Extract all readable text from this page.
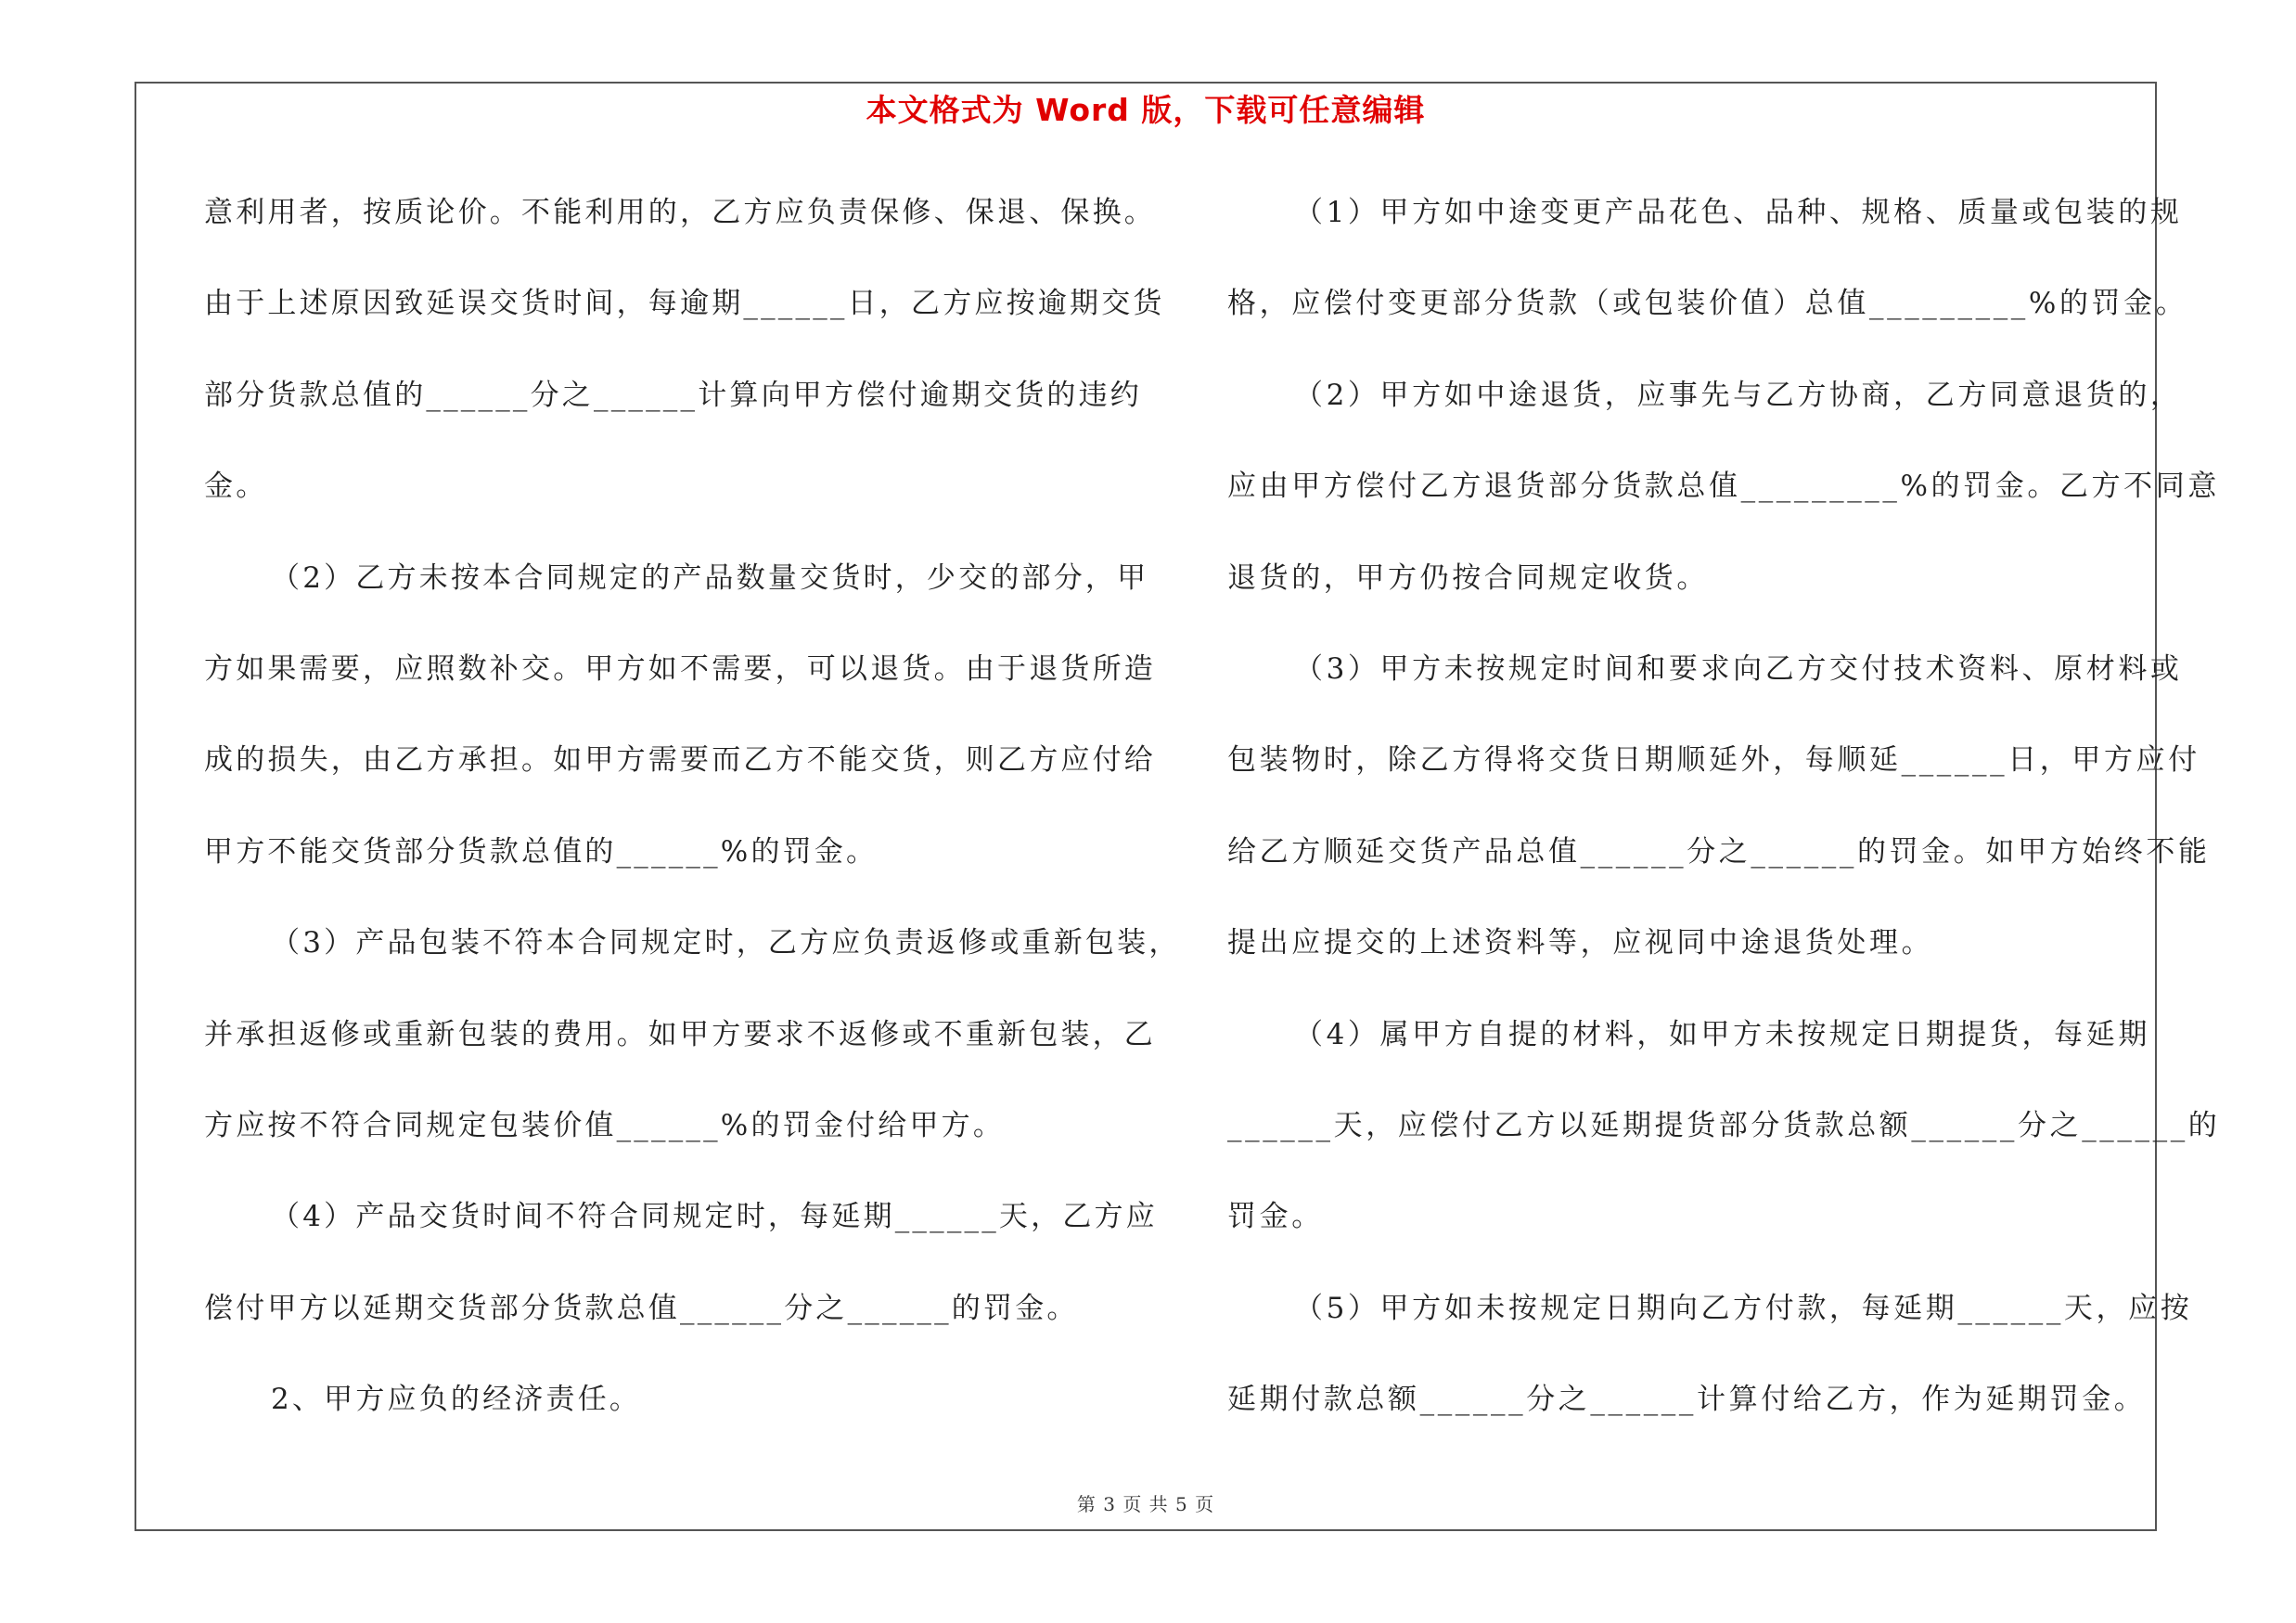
本文格式为 Word 版，下载可任意编辑
意利用者，按质论价。不能利用的，乙方应负责保修、保退、保换。
由于上述原因致延误交货时间，每逾期______日，乙方应按逾期交货
部分货款总值的______分之______计算向甲方偿付逾期交货的违约
金。
（2）乙方未按本合同规定的产品数量交货时，少交的部分，甲
方如果需要，应照数补交。甲方如不需要，可以退货。由于退货所造
成的损失，由乙方承担。如甲方需要而乙方不能交货，则乙方应付给
甲方不能交货部分货款总值的______%的罚金。
（3）产品包装不符本合同规定时，乙方应负责返修或重新包装，
并承担返修或重新包装的费用。如甲方要求不返修或不重新包装，乙
方应按不符合同规定包装价值______%的罚金付给甲方。
（4）产品交货时间不符合同规定时，每延期______天，乙方应
偿付甲方以延期交货部分货款总值______分之______的罚金。
2、甲方应负的经济责任。
（1）甲方如中途变更产品花色、品种、规格、质量或包装的规
格，应偿付变更部分货款（或包装价值）总值_________%的罚金。
（2）甲方如中途退货，应事先与乙方协商，乙方同意退货的，
应由甲方偿付乙方退货部分货款总值_________%的罚金。乙方不同意
退货的，甲方仍按合同规定收货。
（3）甲方未按规定时间和要求向乙方交付技术资料、原材料或
包装物时，除乙方得将交货日期顺延外，每顺延______日，甲方应付
给乙方顺延交货产品总值______分之______的罚金。如甲方始终不能
提出应提交的上述资料等，应视同中途退货处理。
（4）属甲方自提的材料，如甲方未按规定日期提货，每延期
______天，应偿付乙方以延期提货部分货款总额______分之______的
罚金。
（5）甲方如未按规定日期向乙方付款，每延期______天，应按
延期付款总额______分之______计算付给乙方，作为延期罚金。
第 3 页 共 5 页
